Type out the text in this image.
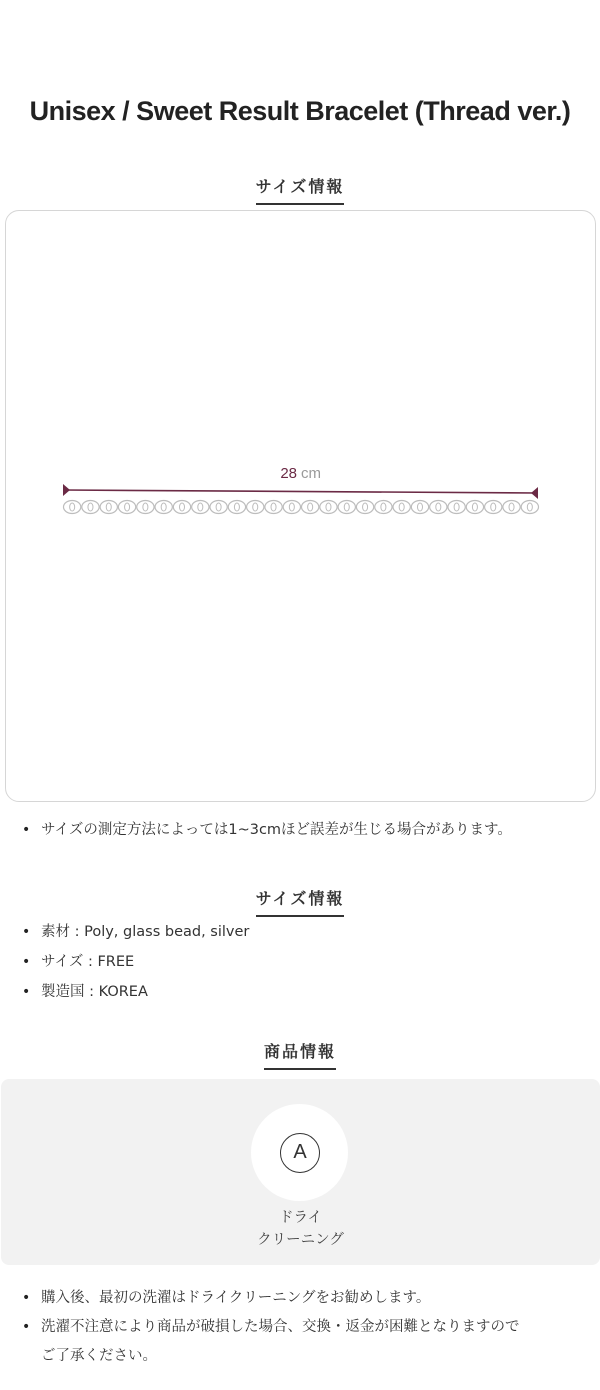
Unisex / Sweet Result Bracelet (Thread ver.)
サイズ情報
28 cm
• サイズの測定方法によっては1~3cmほど誤差が生じる場合があります。
サイズ情報
• 素材 : Poly, glass bead, silver
• サイズ : FREE
• 製造国 : KOREA
商品情報
A
ドライ
クリーニング
• 購入後、最初の洗濯はドライクリーニングをお勧めします。
• 洗濯不注意により商品が破損した場合、交換・返金が困難となりますので
ご了承ください。
